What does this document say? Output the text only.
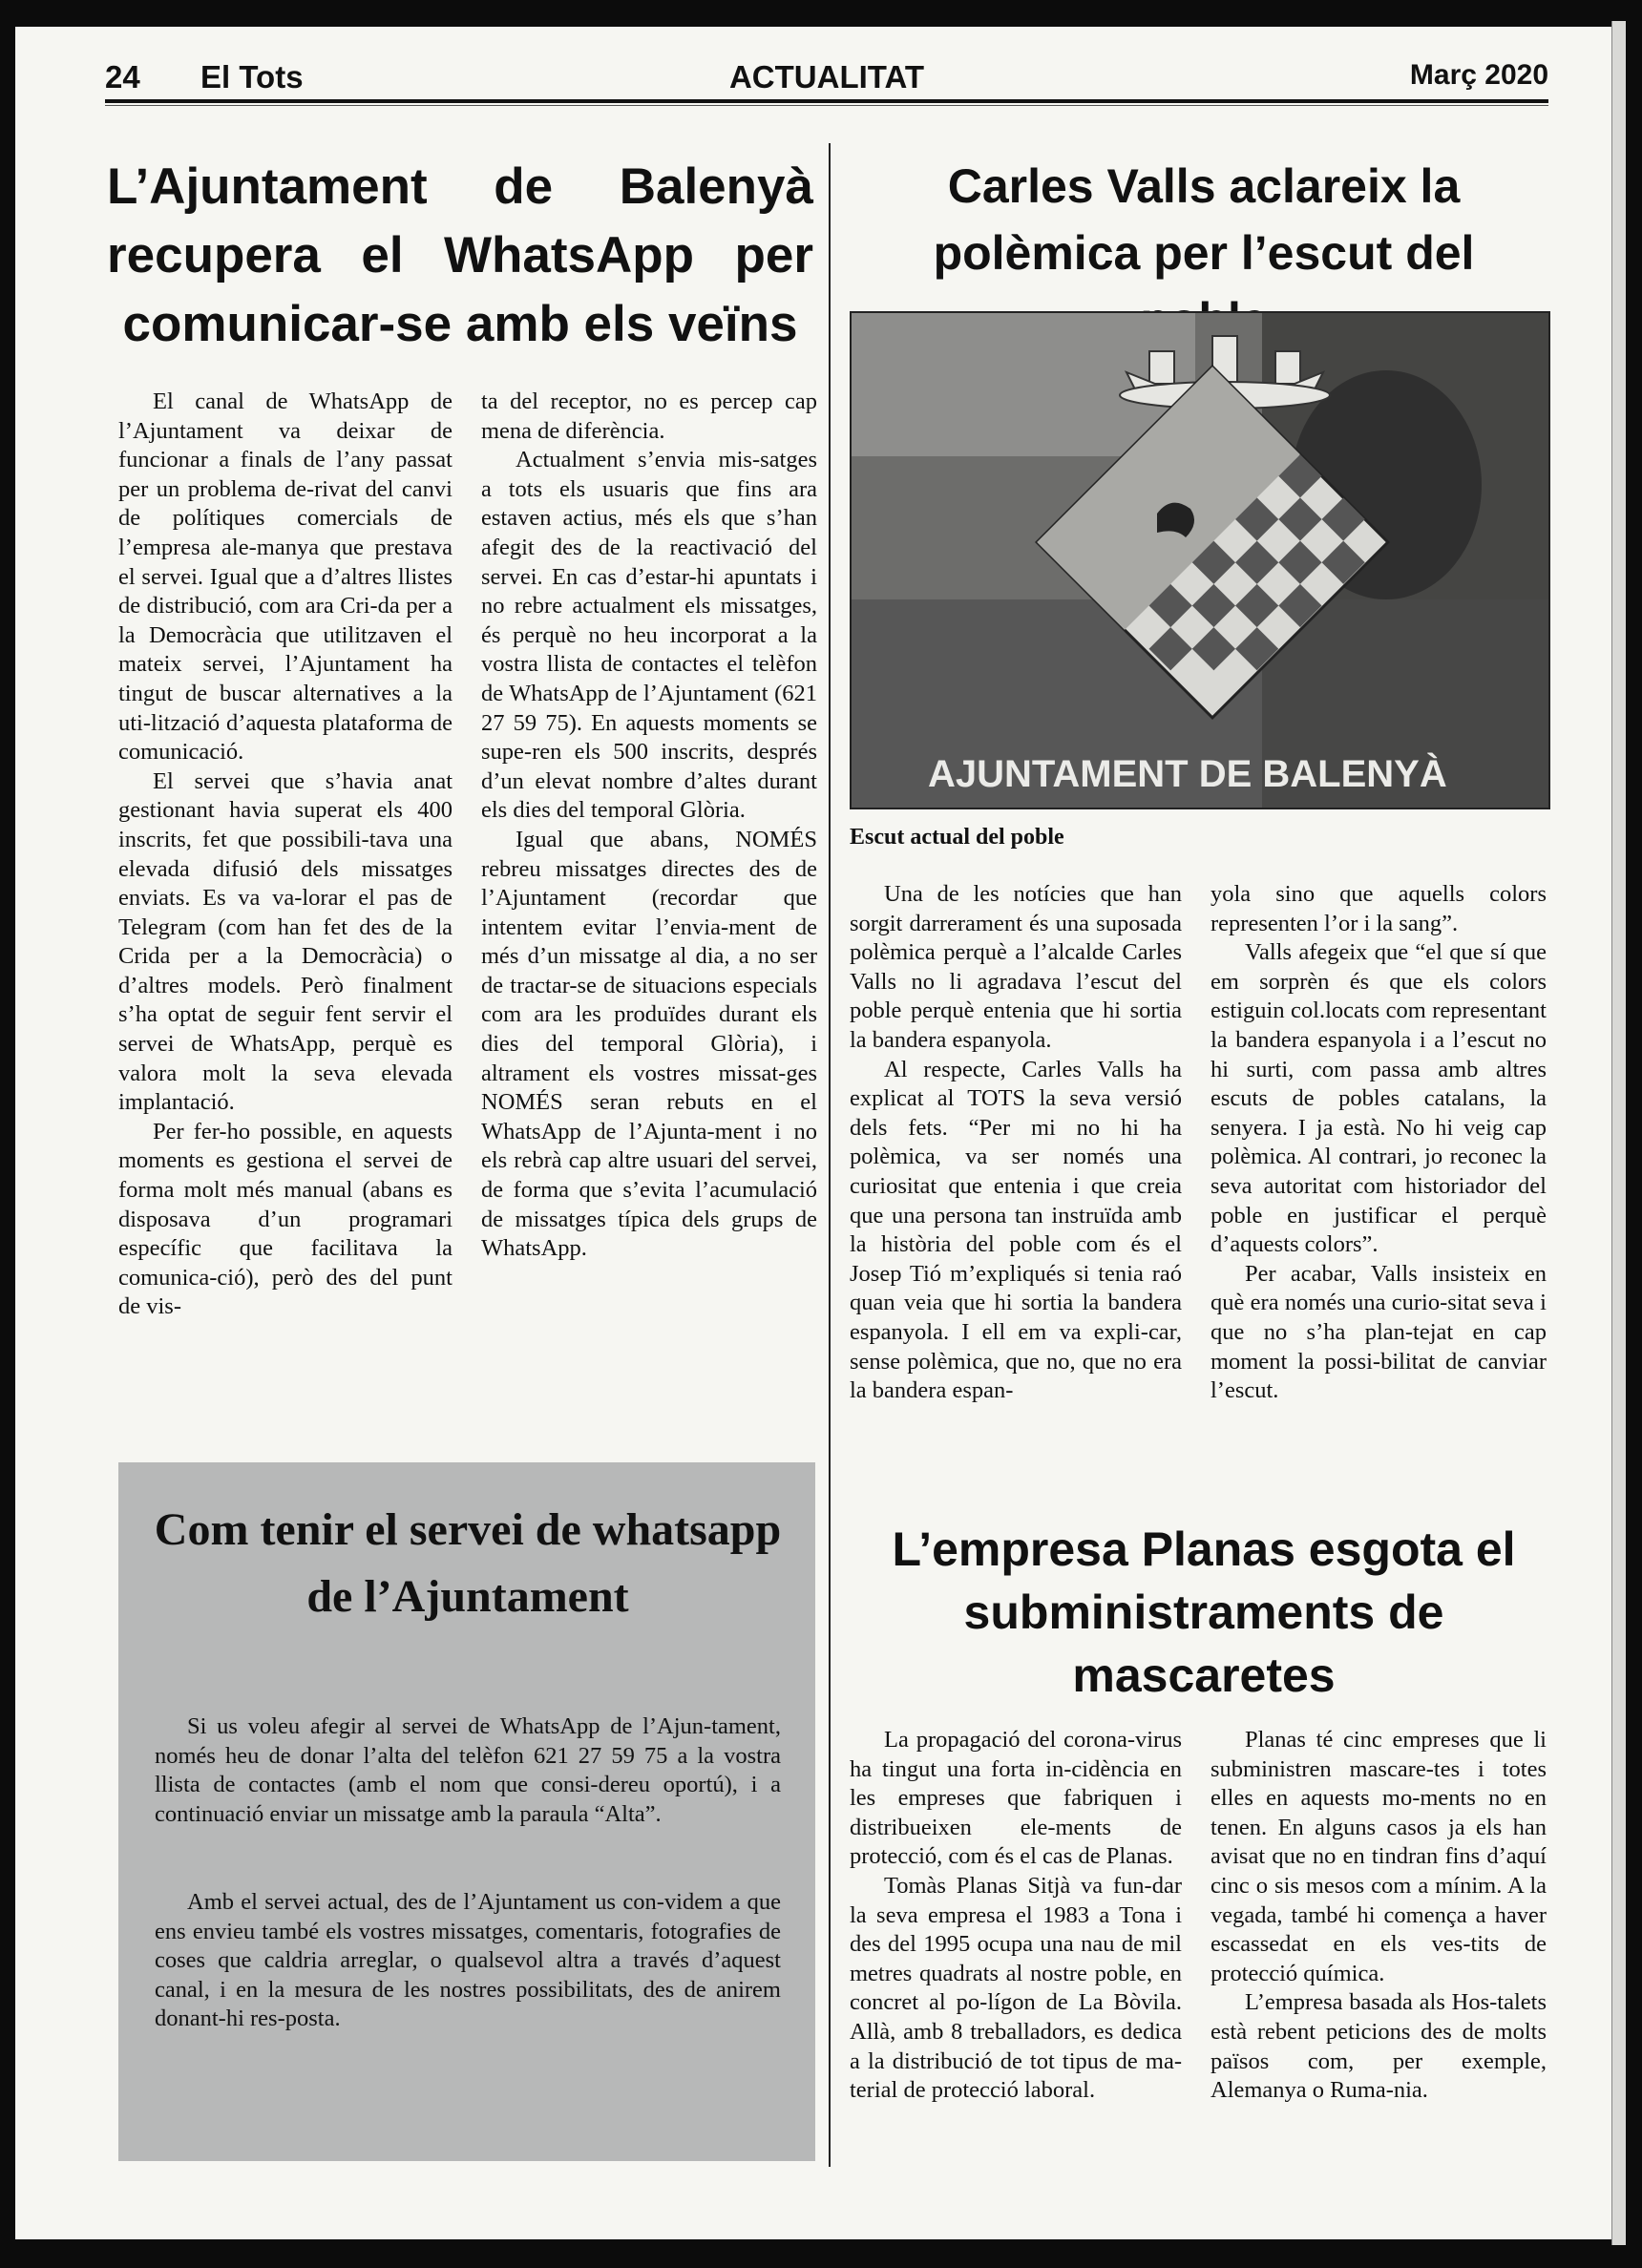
ACTUALITAT
24 El Tots	Març 2020
L’Ajuntament de Balenyà recupera el WhatsApp per comunicar-se amb els veïns

El canal de WhatsApp de l’Ajuntament va deixar de funcionar a finals de l’any passat per un problema de-rivat del canvi de polítiques comercials de l’empresa ale-manya que prestava el servei. Igual que a d’altres llistes de distribució, com ara Cri-da per a la Democràcia que utilitzaven el mateix servei, l’Ajuntament ha tingut de buscar alternatives a la uti-lització d’aquesta plataforma de comunicació.

El servei que s’havia anat gestionant havia superat els 400 inscrits, fet que possibili-tava una elevada difusió dels missatges enviats. Es va va-lorar el pas de Telegram (com han fet des de la Crida per a la Democràcia) o d’altres models. Però finalment s’ha optat de seguir fent servir el servei de WhatsApp, perquè es valora molt la seva elevada implantació.

Per fer-ho possible, en aquests moments es gestiona el servei de forma molt més manual (abans es disposava d’un programari específic que facilitava la comunica-ció), però des del punt de vis-

ta del receptor, no es percep cap mena de diferència.

Actualment s’envia mis-satges a tots els usuaris que fins ara estaven actius, més els que s’han afegit des de la reactivació del servei. En cas d’estar-hi apuntats i no rebre actualment els missatges, és perquè no heu incorporat a la vostra llista de contactes el telèfon de WhatsApp de l’Ajuntament (621 27 59 75). En aquests moments se supe-ren els 500 inscrits, després d’un elevat nombre d’altes durant els dies del temporal Glòria.

Igual que abans, NOMÉS rebreu missatges directes des de l’Ajuntament (recordar que intentem evitar l’envia-ment de més d’un missatge al dia, a no ser de tractar-se de situacions especials com ara les produïdes durant els dies del temporal Glòria), i altrament els vostres missat-ges NOMÉS seran rebuts en el WhatsApp de l’Ajunta-ment i no els rebrà cap altre usuari del servei, de forma que s’evita l’acumulació de missatges típica dels grups de WhatsApp.

Com tenir el servei de whatsapp de l’Ajuntament

Si us voleu afegir al servei de WhatsApp de l’Ajun-tament, només heu de donar l’alta del telèfon 621 27 59 75 a la vostra llista de contactes (amb el nom que consi-dereu oportú), i a continuació enviar un missatge amb la paraula “Alta”.

Amb el servei actual, des de l’Ajuntament us con-videm a que ens envieu també els vostres missatges, comentaris, fotografies de coses que caldria arreglar, o qualsevol altra a través d’aquest canal, i en la mesura de les nostres possibilitats, des de anirem donant-hi res-posta.

Carles Valls aclareix la polèmica per l’escut del
AJUNTAMENT DE BALENYÀ

Escut actual del poble

Una de les notícies que han sorgit darrerament és una suposada polèmica perquè a l’alcalde Carles Valls no li agradava l’escut del poble perquè entenia que hi sortia la bandera espanyola.

Al respecte, Carles Valls ha explicat al TOTS la seva versió dels fets. “Per mi no hi ha polèmica, va ser només una curiositat que entenia i que creia que una persona tan instruïda amb la història del poble com és el Josep Tió m’expliqués si tenia raó quan veia que hi sortia la bandera espanyola. I ell em va expli-car, sense polèmica, que no, que no era la bandera espan-

yola sino que aquells colors representen l’or i la sang”.

Valls afegeix que “el que sí que em sorprèn és que els colors estiguin col.locats com representant la bandera espanyola i a l’escut no hi surti, com passa amb altres escuts de pobles catalans, la senyera. I ja està. No hi veig cap polèmica. Al contrari, jo reconec la seva autoritat com historiador del poble en justificar el perquè d’aquests colors”.

Per acabar, Valls insisteix en què era només una curio-sitat seva i que no s’ha plan-tejat en cap moment la possi-bilitat de canviar l’escut.

L’empresa Planas esgota el subministraments de mascaretes

La propagació del corona-virus ha tingut una forta in-cidència en les empreses que fabriquen i distribueixen ele-ments de protecció, com és el cas de Planas.

Tomàs Planas Sitjà va fun-dar la seva empresa el 1983 a Tona i des del 1995 ocupa una nau de mil metres quadrats al nostre poble, en concret al po-lígon de La Bòvila. Allà, amb 8 treballadors, es dedica a la distribució de tot tipus de ma-terial de protecció laboral.

Planas té cinc empreses que li subministren mascare-tes i totes elles en aquests mo-ments no en tenen. En alguns casos ja els han avisat que no en tindran fins d’aquí cinc o sis mesos com a mínim. A la vegada, també hi comença a haver escassedat en els ves-tits de protecció química.

L’empresa basada als Hos-talets està rebent peticions des de molts països com, per exemple, Alemanya o Ruma-nia.
